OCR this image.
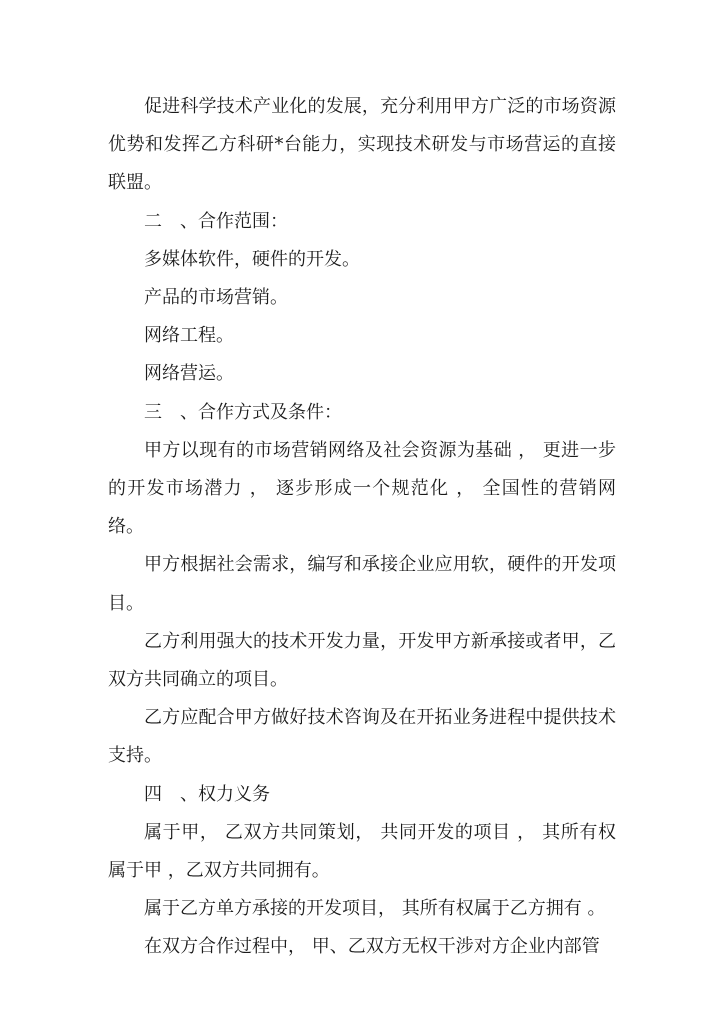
促进科学技术产业化的发展，充分利用甲方广泛的市场资源优势和发挥乙方科研*台能力，实现技术研发与市场营运的直接联盟。

二　、合作范围：

多媒体软件，硬件的开发。

产品的市场营销。

网络工程。

网络营运。

三　、合作方式及条件：

甲方以现有的市场营销网络及社会资源为基础 ， 更进一步的开发市场潜力 ， 逐步形成一个规范化 ， 全国性的营销网络。

甲方根据社会需求，编写和承接企业应用软，硬件的开发项目。

乙方利用强大的技术开发力量，开发甲方新承接或者甲，乙双方共同确立的项目。

乙方应配合甲方做好技术咨询及在开拓业务进程中提供技术支持。

四　、权力义务

属于甲， 乙双方共同策划， 共同开发的项目 ， 其所有权属于甲 ，乙双方共同拥有。

属于乙方单方承接的开发项目， 其所有权属于乙方拥有 。

在双方合作过程中， 甲、乙双方无权干涉对方企业内部管
